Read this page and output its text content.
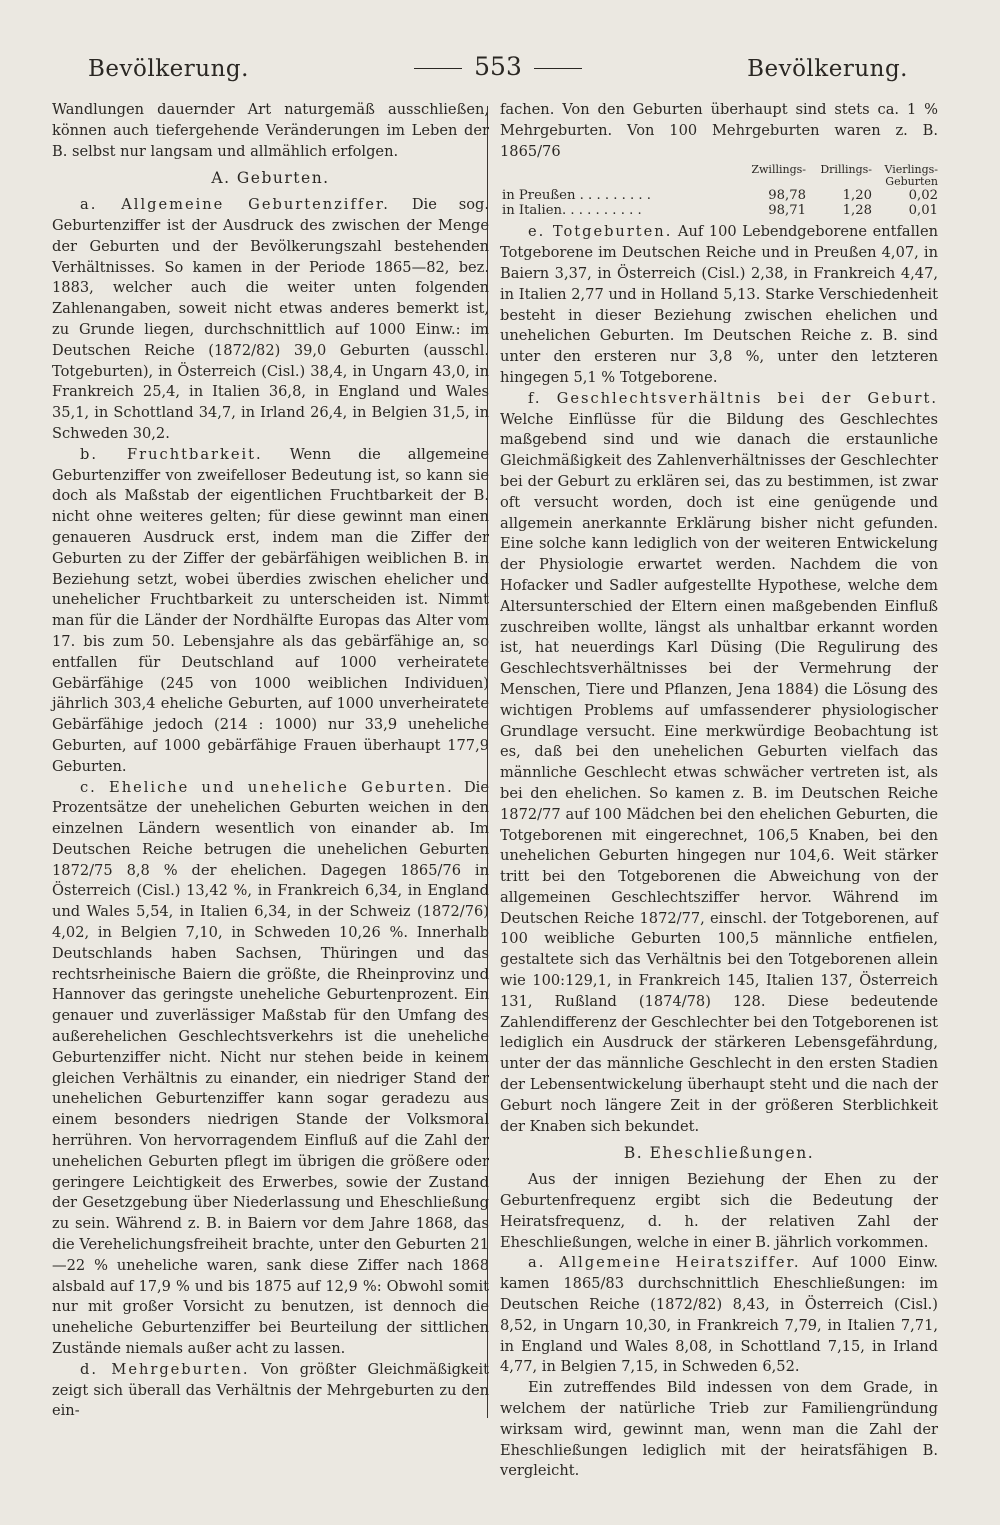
Bevölkerung.	553	Bevölkerung.

Wandlungen dauernder Art naturgemäß ausschließen, können auch tiefergehende Veränderungen im Leben der B. selbst nur langsam und allmählich erfolgen.

A. Geburten.

a. Allgemeine Geburtenziffer. Die sog. Geburtenziffer ist der Ausdruck des zwischen der Menge der Geburten und der Bevölkerungszahl bestehenden Verhältnisses. So kamen in der Periode 1865—82, bez. 1883, welcher auch die weiter unten folgenden Zahlenangaben, soweit nicht etwas anderes bemerkt ist, zu Grunde liegen, durchschnittlich auf 1000 Einw.: im Deutschen Reiche (1872/82) 39,0 Geburten (ausschl. Totgeburten), in Österreich (Cisl.) 38,4, in Ungarn 43,0, in Frankreich 25,4, in Italien 36,8, in England und Wales 35,1, in Schottland 34,7, in Irland 26,4, in Belgien 31,5, in Schweden 30,2.

b. Fruchtbarkeit. Wenn die allgemeine Geburtenziffer von zweifelloser Bedeutung ist, so kann sie doch als Maßstab der eigentlichen Fruchtbarkeit der B. nicht ohne weiteres gelten; für diese gewinnt man einen genaueren Ausdruck erst, indem man die Ziffer der Geburten zu der Ziffer der gebärfähigen weiblichen B. in Beziehung setzt, wobei überdies zwischen ehelicher und unehelicher Fruchtbarkeit zu unterscheiden ist. Nimmt man für die Länder der Nordhälfte Europas das Alter vom 17. bis zum 50. Lebensjahre als das gebärfähige an, so entfallen für Deutschland auf 1000 verheiratete Gebärfähige (245 von 1000 weiblichen Individuen) jährlich 303,4 eheliche Geburten, auf 1000 unverheiratete Gebärfähige jedoch (214 : 1000) nur 33,9 uneheliche Geburten, auf 1000 gebärfähige Frauen überhaupt 177,9 Geburten.

c. Eheliche und uneheliche Geburten. Die Prozentsätze der unehelichen Geburten weichen in den einzelnen Ländern wesentlich von einander ab. Im Deutschen Reiche betrugen die unehelichen Geburten 1872/75 8,8 % der ehelichen. Dagegen 1865/76 in Österreich (Cisl.) 13,42 %, in Frankreich 6,34, in England und Wales 5,54, in Italien 6,34, in der Schweiz (1872/76) 4,02, in Belgien 7,10, in Schweden 10,26 %. Innerhalb Deutschlands haben Sachsen, Thüringen und das rechtsrheinische Baiern die größte, die Rheinprovinz und Hannover das geringste uneheliche Geburtenprozent. Ein genauer und zuverlässiger Maßstab für den Umfang des außerehelichen Geschlechtsverkehrs ist die uneheliche Geburtenziffer nicht. Nicht nur stehen beide in keinem gleichen Verhältnis zu einander, ein niedriger Stand der unehelichen Geburtenziffer kann sogar geradezu aus einem besonders niedrigen Stande der Volksmoral herrühren. Von hervorragendem Einfluß auf die Zahl der unehelichen Geburten pflegt im übrigen die größere oder geringere Leichtigkeit des Erwerbes, sowie der Zustand der Gesetzgebung über Niederlassung und Eheschließung zu sein. Während z. B. in Baiern vor dem Jahre 1868, das die Verehelichungsfreiheit brachte, unter den Geburten 21—22 % uneheliche waren, sank diese Ziffer nach 1868 alsbald auf 17,9 % und bis 1875 auf 12,9 %: Obwohl somit nur mit großer Vorsicht zu benutzen, ist dennoch die uneheliche Geburtenziffer bei Beurteilung der sittlichen Zustände niemals außer acht zu lassen.

d. Mehrgeburten. Von größter Gleichmäßigkeit zeigt sich überall das Verhältnis der Mehrgeburten zu den ein-

fachen. Von den Geburten überhaupt sind stets ca. 1 % Mehrgeburten. Von 100 Mehrgeburten waren z. B. 1865/76

	Zwillings-	Drillings-	Vierlings-
			Geburten
in Preußen . . . . . . . . .	98,78	1,20	0,02
in Italien. . . . . . . . . .	98,71	1,28	0,01

e. Totgeburten. Auf 100 Lebendgeborene entfallen Totgeborene im Deutschen Reiche und in Preußen 4,07, in Baiern 3,37, in Österreich (Cisl.) 2,38, in Frankreich 4,47, in Italien 2,77 und in Holland 5,13. Starke Verschiedenheit besteht in dieser Beziehung zwischen ehelichen und unehelichen Geburten. Im Deutschen Reiche z. B. sind unter den ersteren nur 3,8 %, unter den letzteren hingegen 5,1 % Totgeborene.

f. Geschlechtsverhältnis bei der Geburt. Welche Einflüsse für die Bildung des Geschlechtes maßgebend sind und wie danach die erstaunliche Gleichmäßigkeit des Zahlenverhältnisses der Geschlechter bei der Geburt zu erklären sei, das zu bestimmen, ist zwar oft versucht worden, doch ist eine genügende und allgemein anerkannte Erklärung bisher nicht gefunden. Eine solche kann lediglich von der weiteren Entwickelung der Physiologie erwartet werden. Nachdem die von Hofacker und Sadler aufgestellte Hypothese, welche dem Altersunterschied der Eltern einen maßgebenden Einfluß zuschreiben wollte, längst als unhaltbar erkannt worden ist, hat neuerdings Karl Düsing (Die Regulirung des Geschlechtsverhältnisses bei der Vermehrung der Menschen, Tiere und Pflanzen, Jena 1884) die Lösung des wichtigen Problems auf umfassenderer physiologischer Grundlage versucht. Eine merkwürdige Beobachtung ist es, daß bei den unehelichen Geburten vielfach das männliche Geschlecht etwas schwächer vertreten ist, als bei den ehelichen. So kamen z. B. im Deutschen Reiche 1872/77 auf 100 Mädchen bei den ehelichen Geburten, die Totgeborenen mit eingerechnet, 106,5 Knaben, bei den unehelichen Geburten hingegen nur 104,6. Weit stärker tritt bei den Totgeborenen die Abweichung von der allgemeinen Geschlechtsziffer hervor. Während im Deutschen Reiche 1872/77, einschl. der Totgeborenen, auf 100 weibliche Geburten 100,5 männliche entfielen, gestaltete sich das Verhältnis bei den Totgeborenen allein wie 100:129,1, in Frankreich 145, Italien 137, Österreich 131, Rußland (1874/78) 128. Diese bedeutende Zahlendifferenz der Geschlechter bei den Totgeborenen ist lediglich ein Ausdruck der stärkeren Lebensgefährdung, unter der das männliche Geschlecht in den ersten Stadien der Lebensentwickelung überhaupt steht und die nach der Geburt noch längere Zeit in der größeren Sterblichkeit der Knaben sich bekundet.

B. Eheschließungen.

Aus der innigen Beziehung der Ehen zu der Geburtenfrequenz ergibt sich die Bedeutung der Heiratsfrequenz, d. h. der relativen Zahl der Eheschließungen, welche in einer B. jährlich vorkommen.

a. Allgemeine Heiratsziffer. Auf 1000 Einw. kamen 1865/83 durchschnittlich Eheschließungen: im Deutschen Reiche (1872/82) 8,43, in Österreich (Cisl.) 8,52, in Ungarn 10,30, in Frankreich 7,79, in Italien 7,71, in England und Wales 8,08, in Schottland 7,15, in Irland 4,77, in Belgien 7,15, in Schweden 6,52.

Ein zutreffendes Bild indessen von dem Grade, in welchem der natürliche Trieb zur Familiengründung wirksam wird, gewinnt man, wenn man die Zahl der Eheschließungen lediglich mit der heiratsfähigen B. vergleicht.
